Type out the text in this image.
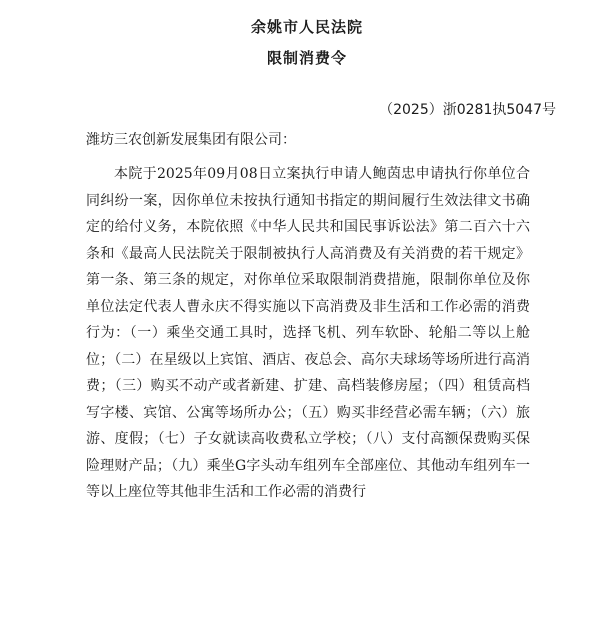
余姚市人民法院
限制消费令
（2025）浙0281执5047号
潍坊三农创新发展集团有限公司：

本院于2025年09月08日立案执行申请人鲍茵忠申请执行你单位合同纠纷一案，因你单位未按执行通知书指定的期间履行生效法律文书确定的给付义务，本院依照《中华人民共和国民事诉讼法》第二百六十六条和《最高人民法院关于限制被执行人高消费及有关消费的若干规定》第一条、第三条的规定，对你单位采取限制消费措施，限制你单位及你单位法定代表人曹永庆不得实施以下高消费及非生活和工作必需的消费行为：（一）乘坐交通工具时，选择飞机、列车软卧、轮船二等以上舱位；（二）在星级以上宾馆、酒店、夜总会、高尔夫球场等场所进行高消费；（三）购买不动产或者新建、扩建、高档装修房屋；（四）租赁高档写字楼、宾馆、公寓等场所办公；（五）购买非经营必需车辆；（六）旅游、度假；（七）子女就读高收费私立学校；（八）支付高额保费购买保险理财产品；（九）乘坐G字头动车组列车全部座位、其他动车组列车一等以上座位等其他非生活和工作必需的消费行
